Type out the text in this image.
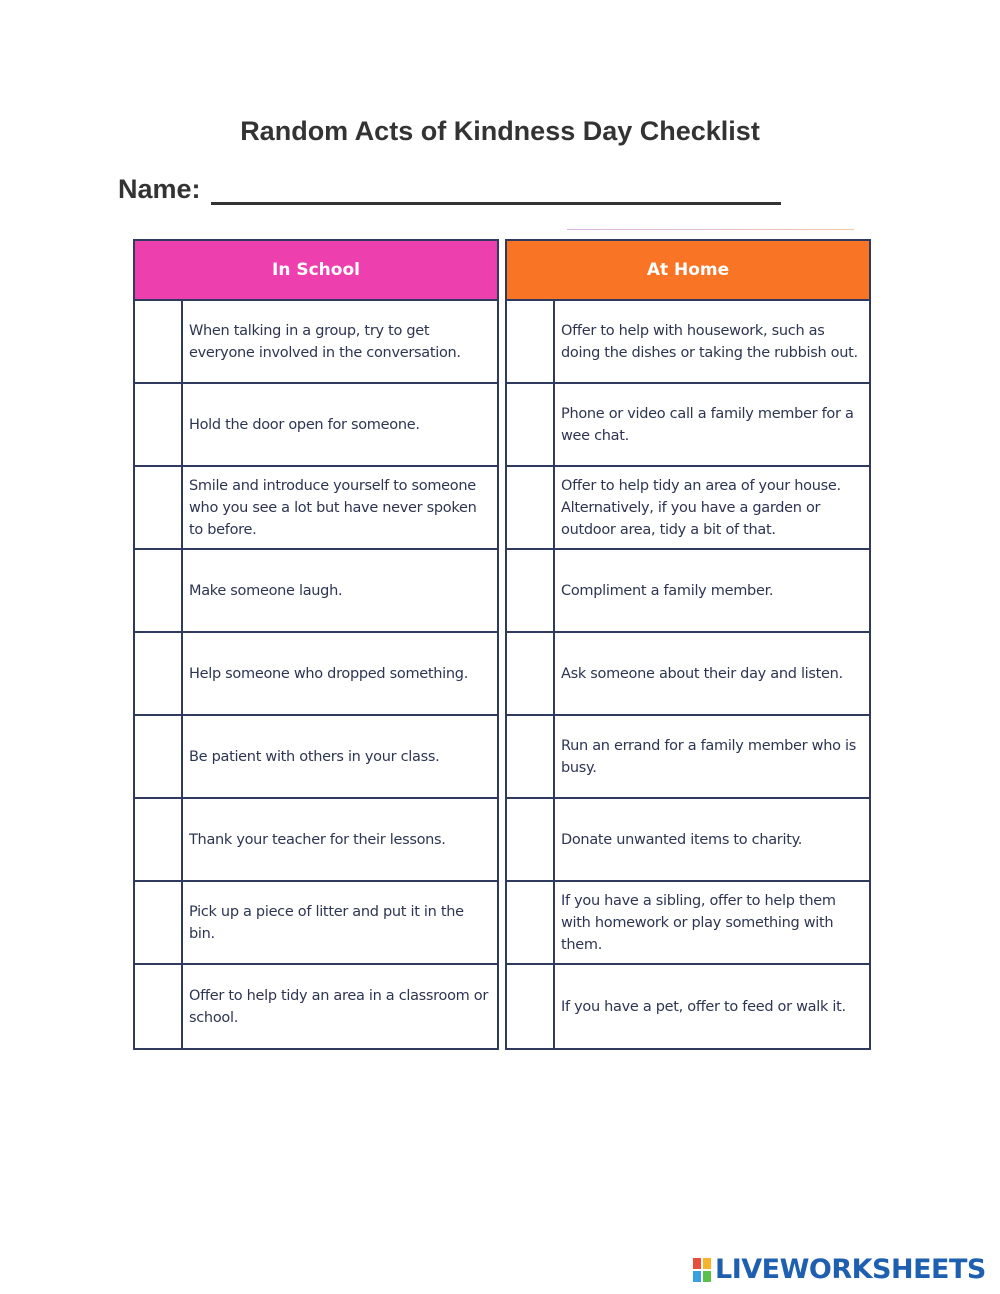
Random Acts of Kindness Day Checklist
Name:
In School
When talking in a group, try to get everyone involved in the conversation.
Hold the door open for someone.
Smile and introduce yourself to someone who you see a lot but have never spoken to before.
Make someone laugh.
Help someone who dropped something.
Be patient with others in your class.
Thank your teacher for their lessons.
Pick up a piece of litter and put it in the bin.
Offer to help tidy an area in a classroom or school.
At Home
Offer to help with housework, such as doing the dishes or taking the rubbish out.
Phone or video call a family member for a wee chat.
Offer to help tidy an area of your house. Alternatively, if you have a garden or outdoor area, tidy a bit of that.
Compliment a family member.
Ask someone about their day and listen.
Run an errand for a family member who is busy.
Donate unwanted items to charity.
If you have a sibling, offer to help them with homework or play something with them.
If you have a pet, offer to feed or walk it.
LIVEWORKSHEETS
